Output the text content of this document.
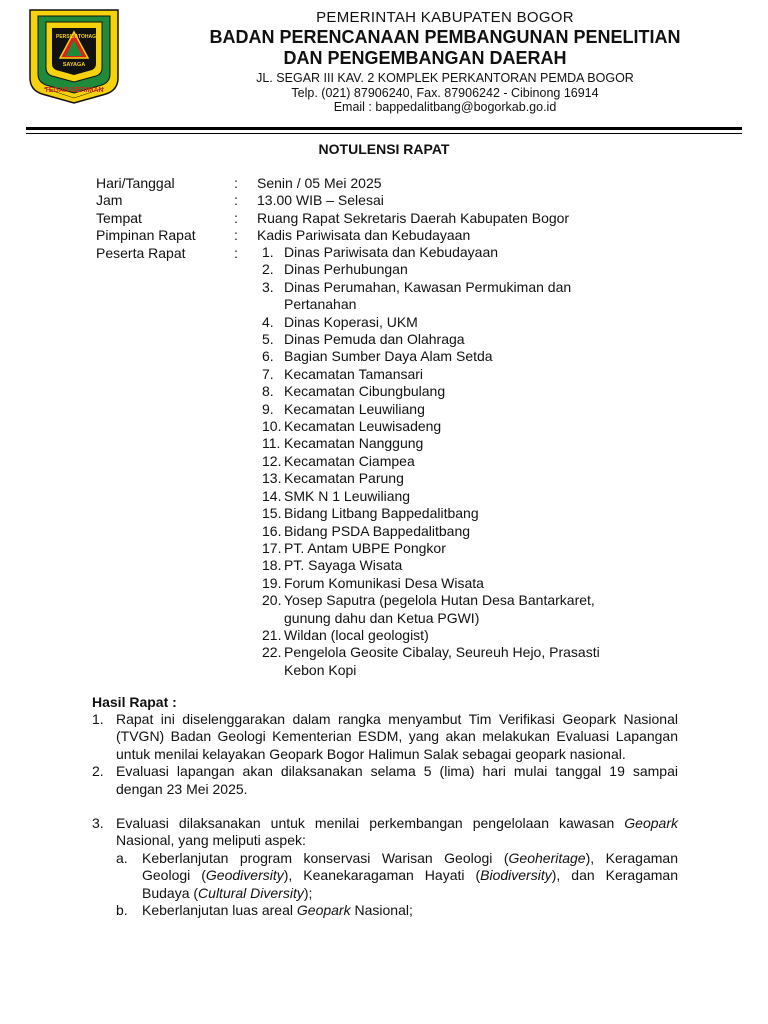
PERSIDA TOHAGA
SAYAGA
TEGAR BERIMAN
PEMERINTAH KABUPATEN BOGOR
BADAN PERENCANAAN PEMBANGUNAN PENELITIAN
DAN PENGEMBANGAN DAERAH
JL. SEGAR III KAV. 2 KOMPLEK PERKANTORAN PEMDA BOGOR
Telp. (021) 87906240, Fax. 87906242 - Cibinong 16914
Email : bappedalitbang@bogorkab.go.id
NOTULENSI RAPAT
Hari/Tanggal	: Senin / 05 Mei 2025
Jam	: 13.00 WIB – Selesai
Tempat	: Ruang Rapat Sekretaris Daerah Kabupaten Bogor
Pimpinan Rapat	: Kadis Pariwisata dan Kebudayaan
Peserta Rapat	:	1. Dinas Pariwisata dan Kebudayaan
2. Dinas Perhubungan
3. Dinas Perumahan, Kawasan Permukiman dan Pertanahan
4. Dinas Koperasi, UKM
5. Dinas Pemuda dan Olahraga
6. Bagian Sumber Daya Alam Setda
7. Kecamatan Tamansari
8. Kecamatan Cibungbulang
9. Kecamatan Leuwiliang
10. Kecamatan Leuwisadeng
11. Kecamatan Nanggung
12. Kecamatan Ciampea
13. Kecamatan Parung
14. SMK N 1 Leuwiliang
15. Bidang Litbang Bappedalitbang
16. Bidang PSDA Bappedalitbang
17. PT. Antam UBPE Pongkor
18. PT. Sayaga Wisata
19. Forum Komunikasi Desa Wisata
20. Yosep Saputra (pegelola Hutan Desa Bantarkaret, gunung dahu dan Ketua PGWI)
21. Wildan (local geologist)
22. Pengelola Geosite Cibalay, Seureuh Hejo, Prasasti Kebon Kopi
Hasil Rapat :
1. Rapat ini diselenggarakan dalam rangka menyambut Tim Verifikasi Geopark Nasional (TVGN) Badan Geologi Kementerian ESDM, yang akan melakukan Evaluasi Lapangan untuk menilai kelayakan Geopark Bogor Halimun Salak sebagai geopark nasional.
2. Evaluasi lapangan akan dilaksanakan selama 5 (lima) hari mulai tanggal 19 sampai dengan 23 Mei 2025.
3. Evaluasi dilaksanakan untuk menilai perkembangan pengelolaan kawasan Geopark Nasional, yang meliputi aspek:
a.	Keberlanjutan program konservasi Warisan Geologi (Geoheritage), Keragaman Geologi (Geodiversity), Keanekaragaman Hayati (Biodiversity), dan Keragaman Budaya (Cultural Diversity);
b.	Keberlanjutan luas areal Geopark Nasional;
